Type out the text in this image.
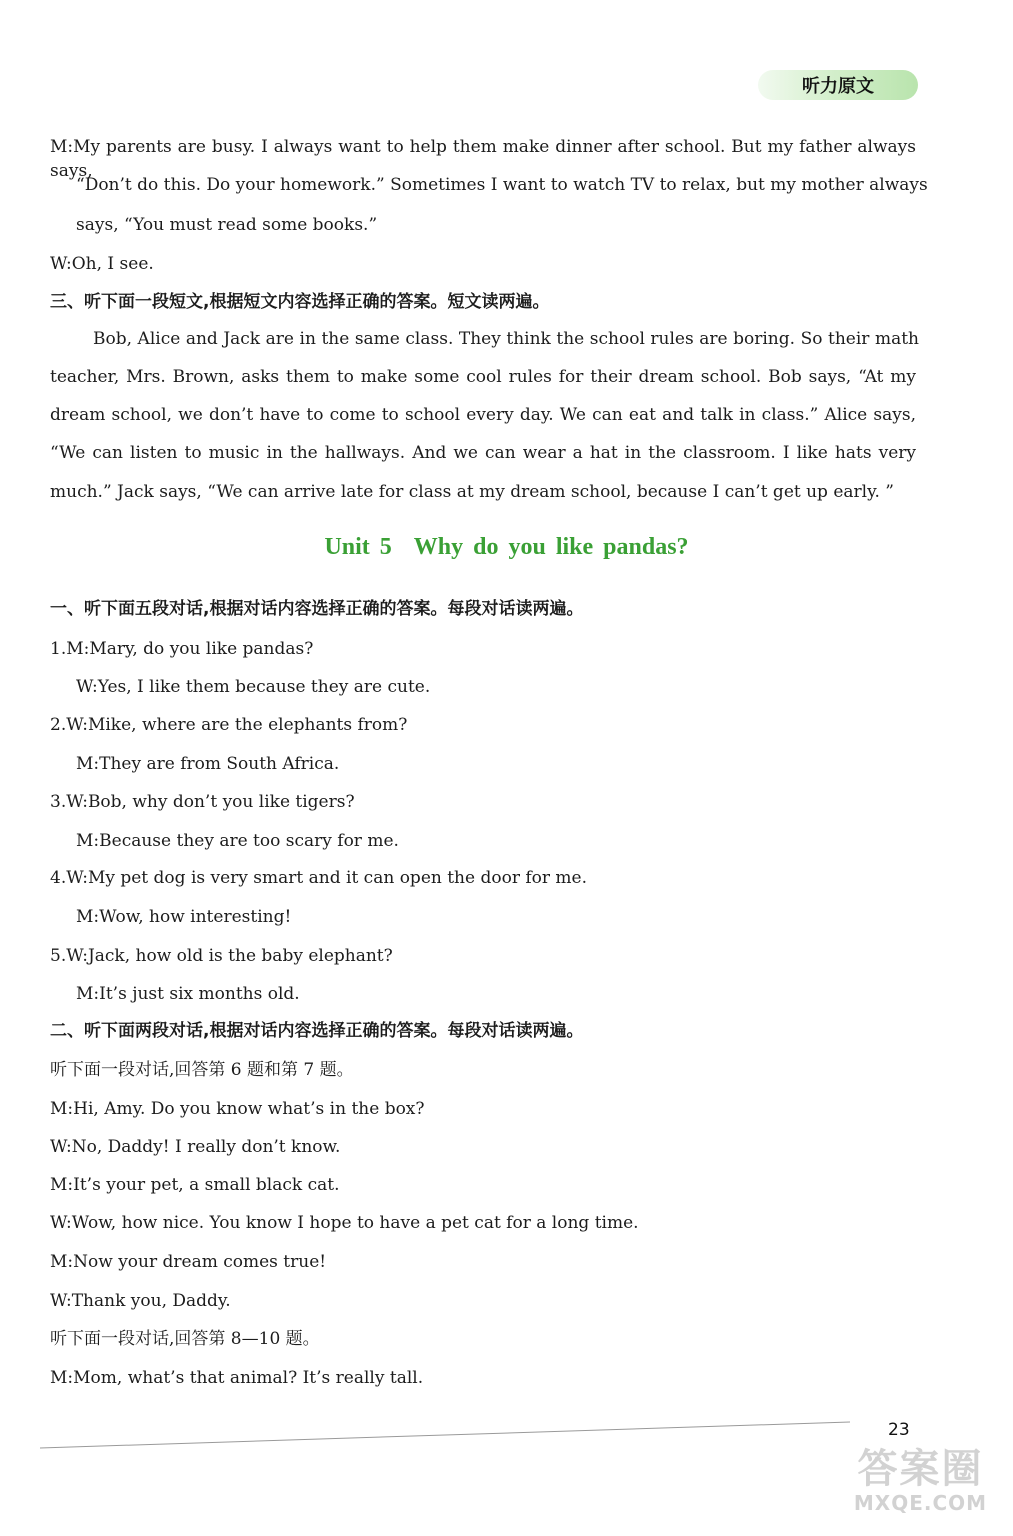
听力原文
M:My parents are busy. I always want to help them make dinner after school. But my father always says,
“Don’t do this. Do your homework.” Sometimes I want to watch TV to relax, but my mother always
says, “You must read some books.”
W:Oh, I see.
三、听下面一段短文,根据短文内容选择正确的答案。短文读两遍。
Bob, Alice and Jack are in the same class. They think the school rules are boring. So their math
teacher, Mrs. Brown, asks them to make some cool rules for their dream school. Bob says, “At my
dream school, we don’t have to come to school every day. We can eat and talk in class.” Alice says,
“We can listen to music in the hallways. And we can wear a hat in the classroom. I like hats very
much.” Jack says, “We can arrive late for class at my dream school, because I can’t get up early. ”
Unit 5 Why do you like pandas?
一、听下面五段对话,根据对话内容选择正确的答案。每段对话读两遍。
1.M:Mary, do you like pandas?
W:Yes, I like them because they are cute.
2.W:Mike, where are the elephants from?
M:They are from South Africa.
3.W:Bob, why don’t you like tigers?
M:Because they are too scary for me.
4.W:My pet dog is very smart and it can open the door for me.
M:Wow, how interesting!
5.W:Jack, how old is the baby elephant?
M:It’s just six months old.
二、听下面两段对话,根据对话内容选择正确的答案。每段对话读两遍。
听下面一段对话,回答第 6 题和第 7 题。
M:Hi, Amy. Do you know what’s in the box?
W:No, Daddy! I really don’t know.
M:It’s your pet, a small black cat.
W:Wow, how nice. You know I hope to have a pet cat for a long time.
M:Now your dream comes true!
W:Thank you, Daddy.
听下面一段对话,回答第 8—10 题。
M:Mom, what’s that animal? It’s really tall.
23
答案圈
MXQE.COM
